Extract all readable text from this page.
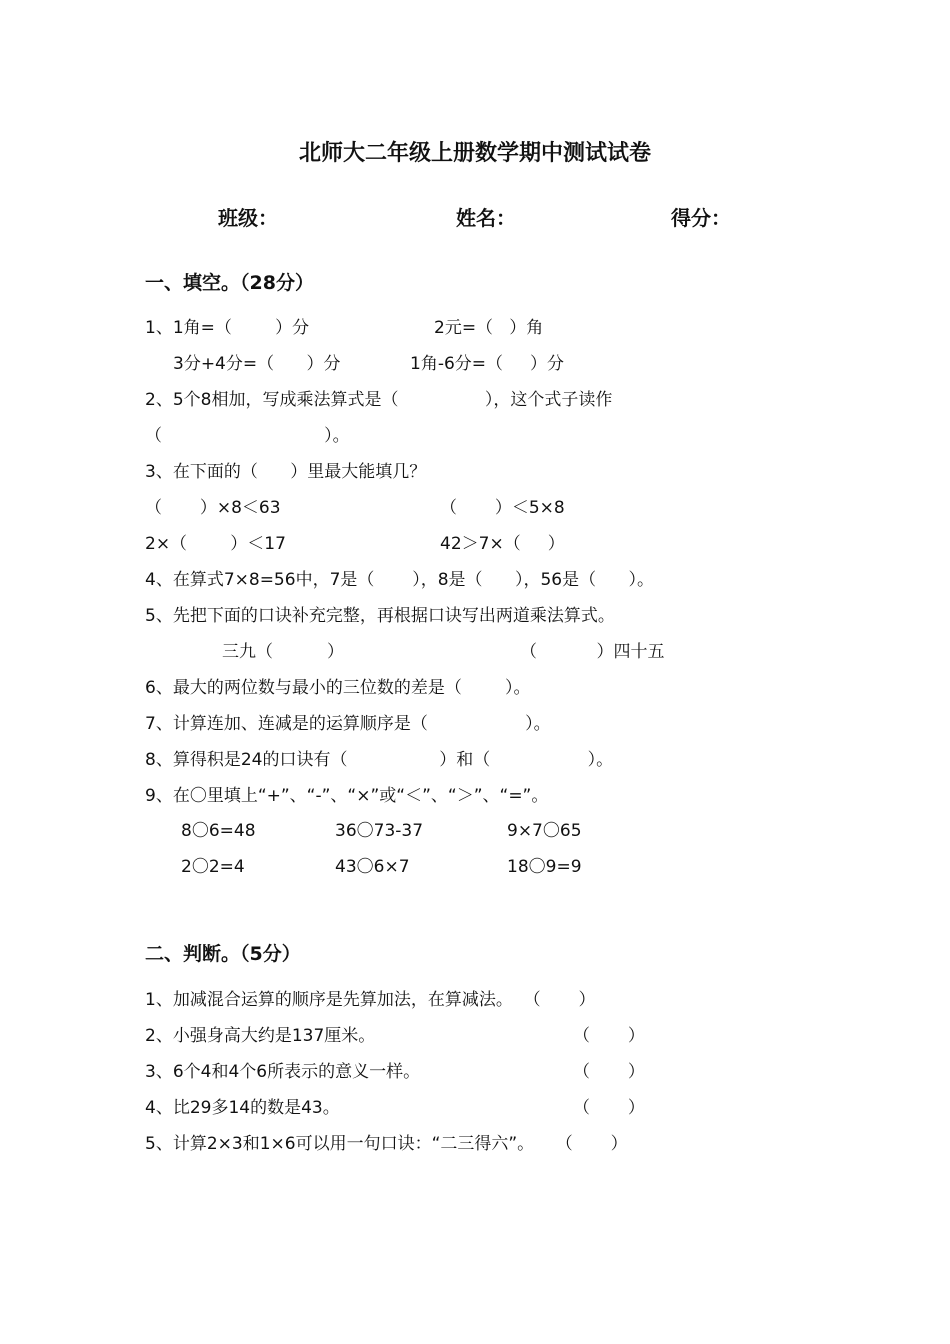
北师大二年级上册数学期中测试试卷
班级：	姓名：	得分：
一、填空。（28分）
1、1角=（        ）分	2元=（   ）角
3分+4分=（      ）分	1角-6分=（     ）分
2、5个8相加，写成乘法算式是（                ），这个式子读作
（                              ）。
3、在下面的（      ）里最大能填几？
（       ）×8＜63	（       ）＜5×8
2×（        ）＜17	42＞7×（     ）
4、在算式7×8=56中，7是（       ），8是（      ），56是（      ）。
5、先把下面的口诀补充完整，再根据口诀写出两道乘法算式。
三九（          ）	（           ）四十五
6、最大的两位数与最小的三位数的差是（        ）。
7、计算连加、连减是的运算顺序是（                  ）。
8、算得积是24的口诀有（                 ）和（                  ）。
9、在〇里填上“+”、“-”、“×”或“＜”、“＞”、“=”。
8〇6=48	36〇73-37	9×7〇65
2〇2=4	43〇6×7	18〇9=9
二、判断。（5分）
1、加减混合运算的顺序是先算加法，在算减法。  （       ）
2、小强身高大约是137厘米。	（       ）
3、6个4和4个6所表示的意义一样。	（       ）
4、比29多14的数是43。	（       ）
5、计算2×3和1×6可以用一句口诀：“二三得六”。    （       ）
